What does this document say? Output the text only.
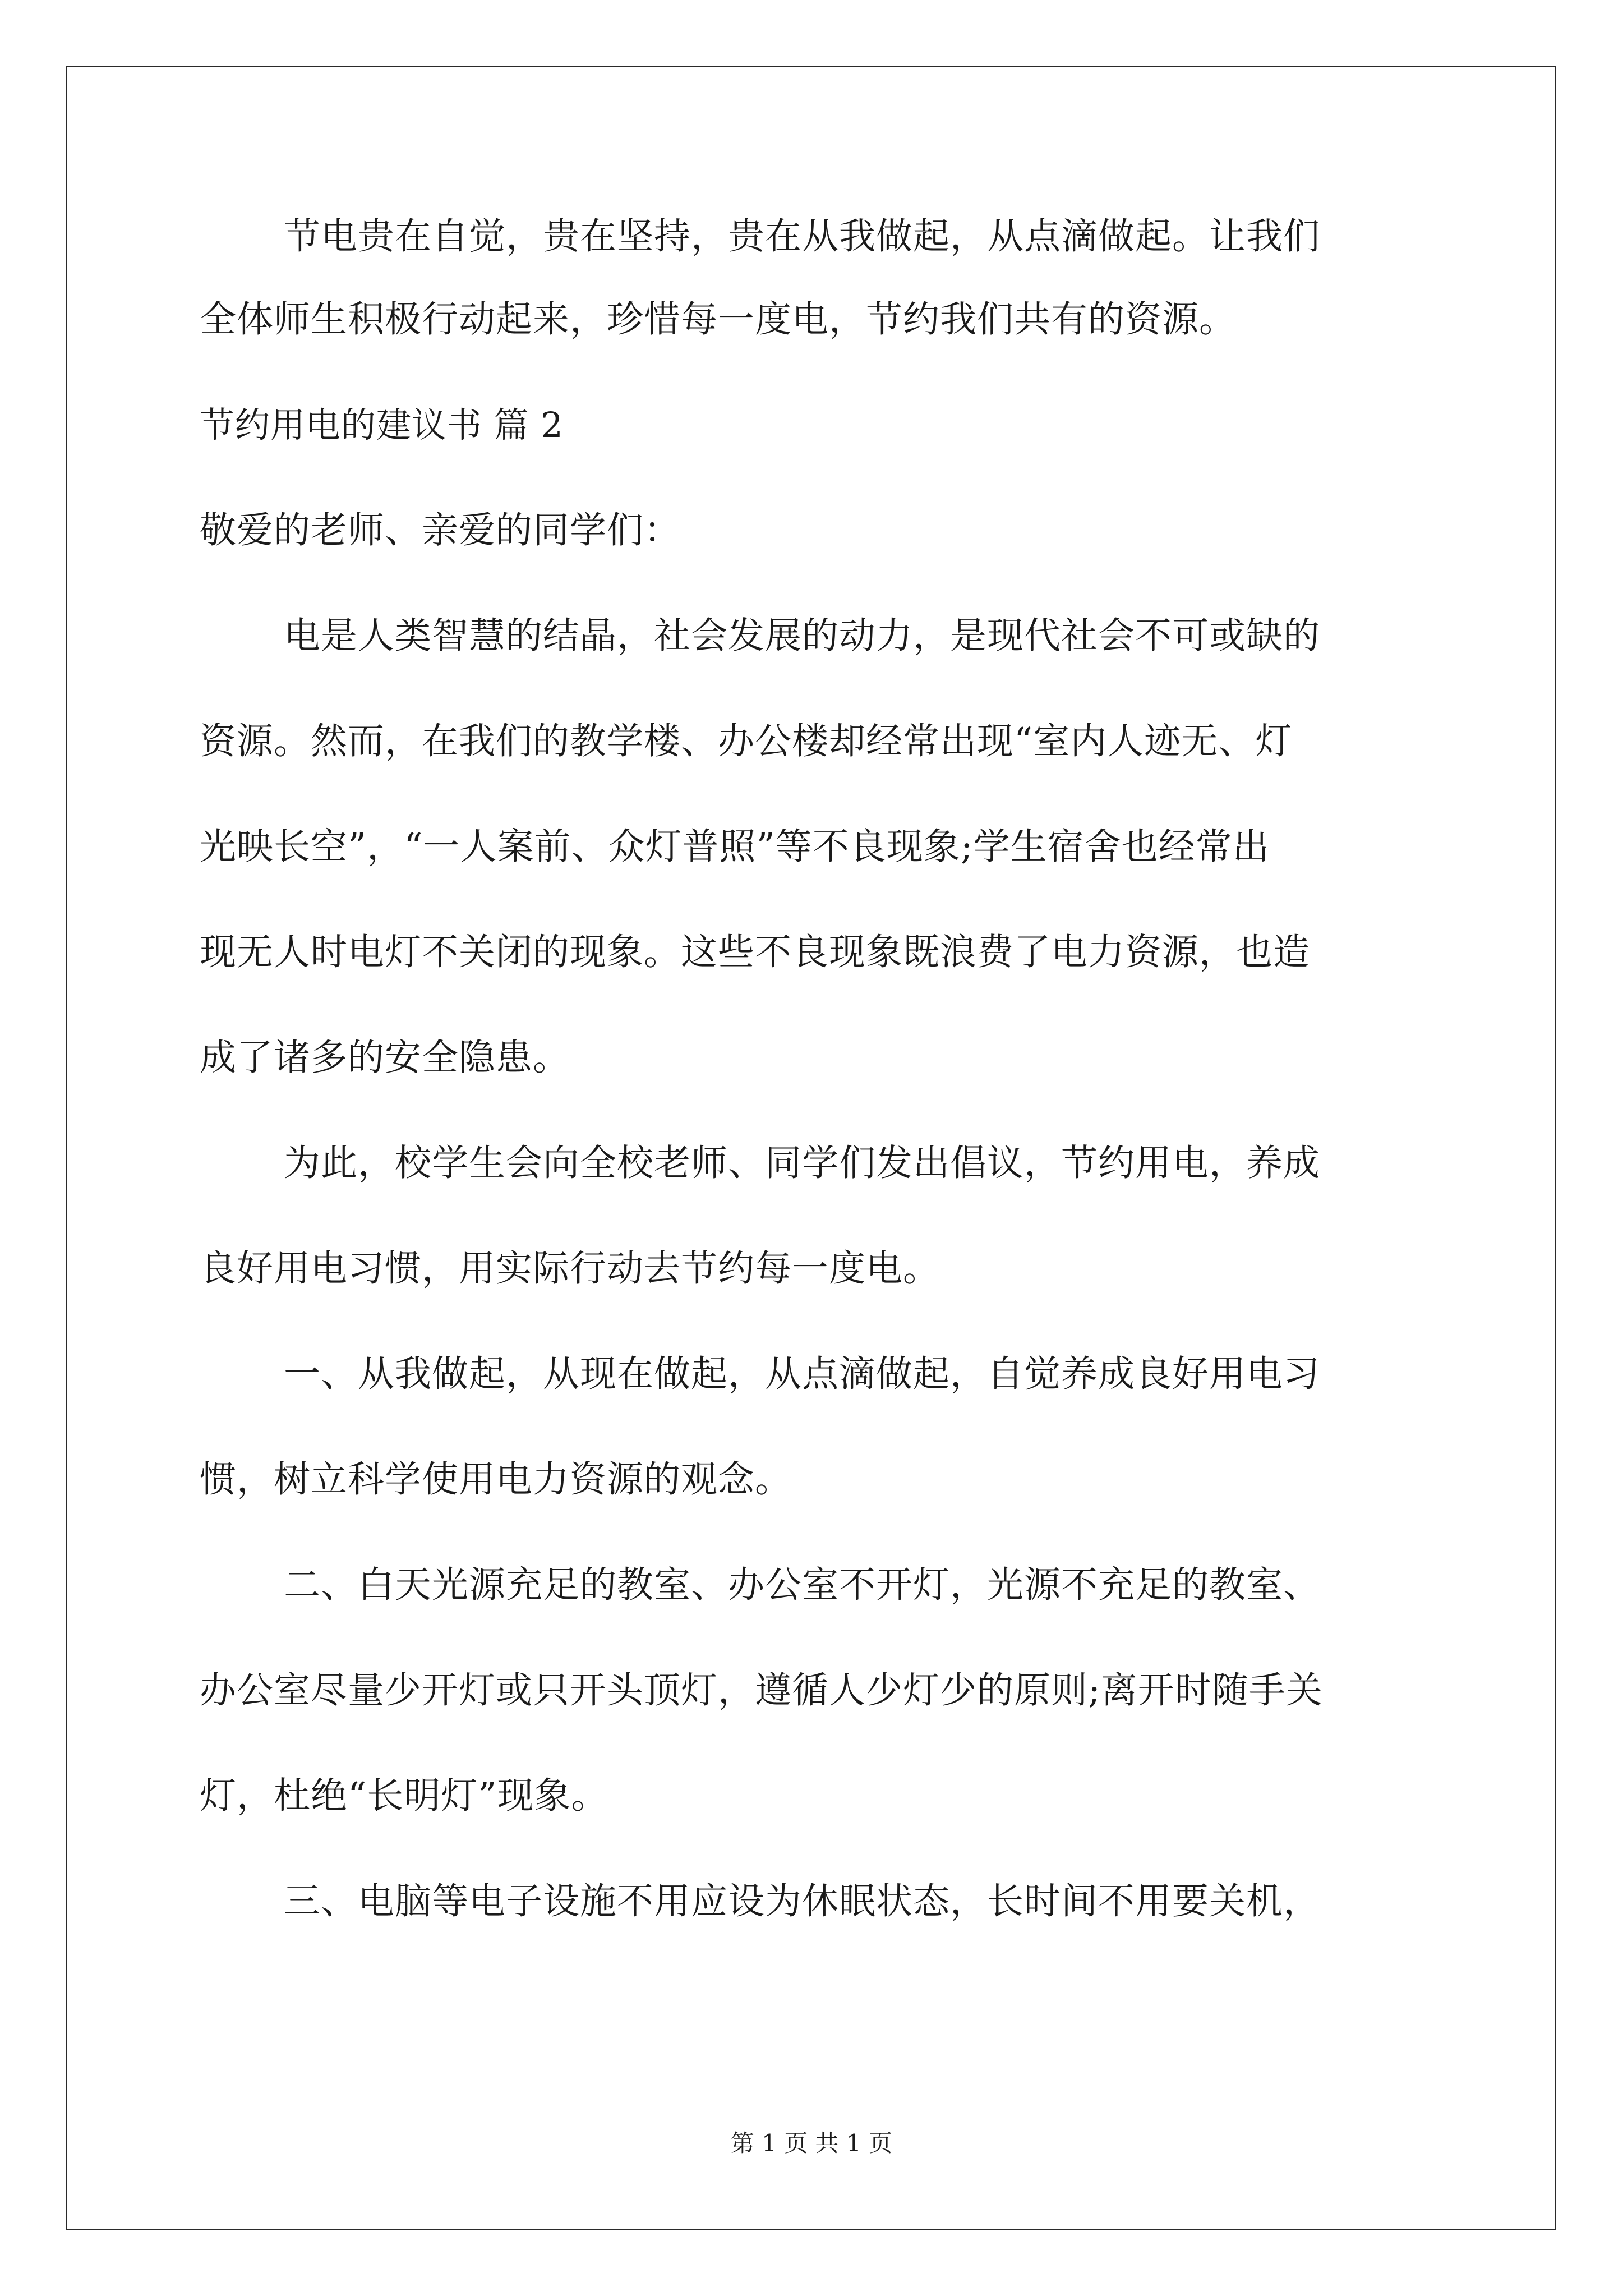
节电贵在自觉，贵在坚持，贵在从我做起，从点滴做起。让我们
全体师生积极行动起来，珍惜每一度电，节约我们共有的资源。
节约用电的建议书 篇 2
敬爱的老师、亲爱的同学们：
电是人类智慧的结晶，社会发展的动力，是现代社会不可或缺的
资源。然而，在我们的教学楼、办公楼却经常出现“室内人迹无、灯
光映长空”，“一人案前、众灯普照”等不良现象;学生宿舍也经常出
现无人时电灯不关闭的现象。这些不良现象既浪费了电力资源，也造
成了诸多的安全隐患。
为此，校学生会向全校老师、同学们发出倡议，节约用电，养成
良好用电习惯，用实际行动去节约每一度电。
一、从我做起，从现在做起，从点滴做起，自觉养成良好用电习
惯，树立科学使用电力资源的观念。
二、白天光源充足的教室、办公室不开灯，光源不充足的教室、
办公室尽量少开灯或只开头顶灯，遵循人少灯少的原则;离开时随手关
灯，杜绝“长明灯”现象。
三、电脑等电子设施不用应设为休眠状态，长时间不用要关机，
第 1 页 共 1 页
